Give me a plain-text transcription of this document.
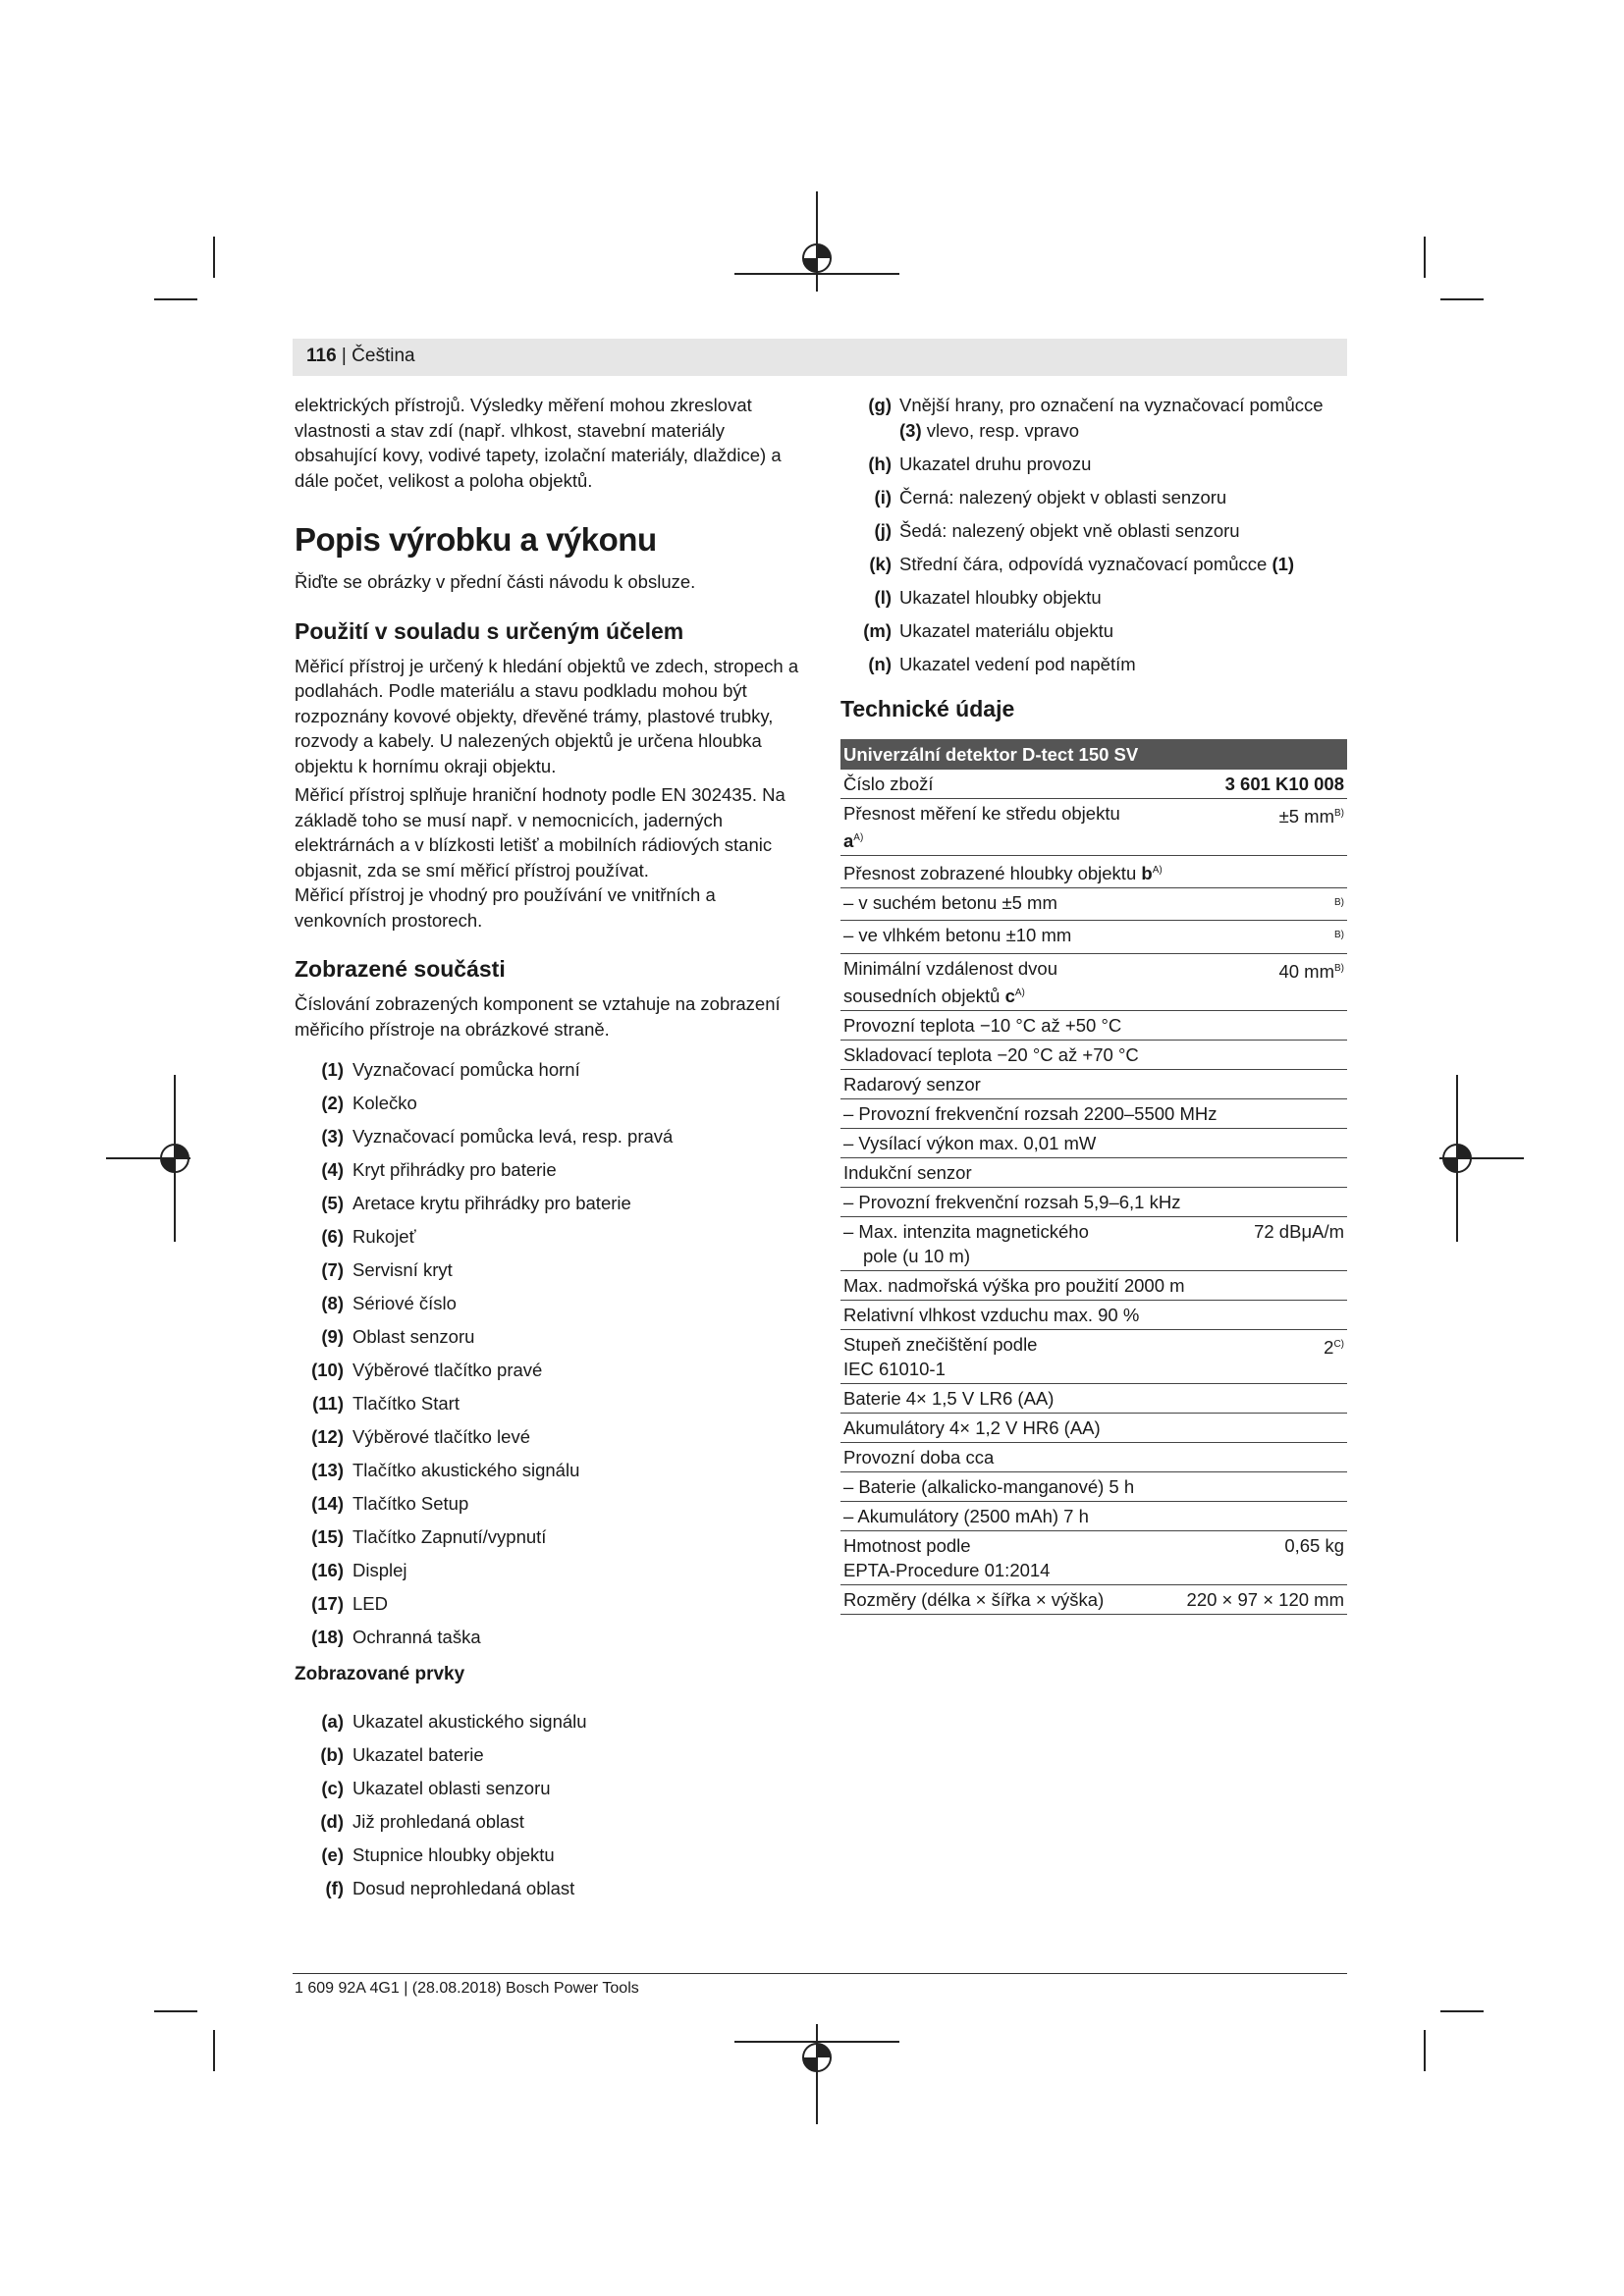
116 | Čeština

elektrických přístrojů. Výsledky měření mohou zkreslovat vlastnosti a stav zdí (např. vlhkost, stavební materiály obsahující kovy, vodivé tapety, izolační materiály, dlaždice) a dále počet, velikost a poloha objektů.

Popis výrobku a výkonu

Řiďte se obrázky v přední části návodu k obsluze.

Použití v souladu s určeným účelem

Měřicí přístroj je určený k hledání objektů ve zdech, stropech a podlahách. Podle materiálu a stavu podkladu mohou být rozpoznány kovové objekty, dřevěné trámy, plastové trubky, rozvody a kabely. U nalezených objektů je určena hloubka objektu k hornímu okraji objektu.

Měřicí přístroj splňuje hraniční hodnoty podle EN 302435. Na základě toho se musí např. v nemocnicích, jaderných elektrárnách a v blízkosti letišť a mobilních rádiových stanic objasnit, zda se smí měřicí přístroj používat.

Měřicí přístroj je vhodný pro používání ve vnitřních a venkovních prostorech.

Zobrazené součásti

Číslování zobrazených komponent se vztahuje na zobrazení měřicího přístroje na obrázkové straně.

(1) Vyznačovací pomůcka horní
(2) Kolečko
(3) Vyznačovací pomůcka levá, resp. pravá
(4) Kryt přihrádky pro baterie
(5) Aretace krytu přihrádky pro baterie
(6) Rukojeť
(7) Servisní kryt
(8) Sériové číslo
(9) Oblast senzoru
(10) Výběrové tlačítko pravé
(11) Tlačítko Start
(12) Výběrové tlačítko levé
(13) Tlačítko akustického signálu
(14) Tlačítko Setup
(15) Tlačítko Zapnutí/vypnutí
(16) Displej
(17) LED
(18) Ochranná taška
Zobrazované prvky
(a) Ukazatel akustického signálu
(b) Ukazatel baterie
(c) Ukazatel oblasti senzoru
(d) Již prohledaná oblast
(e) Stupnice hloubky objektu
(f) Dosud neprohledaná oblast
(g) Vnější hrany, pro označení na vyznačovací pomůcce (3) vlevo, resp. vpravo
(h) Ukazatel druhu provozu
(i) Černá: nalezený objekt v oblasti senzoru
(j) Šedá: nalezený objekt vně oblasti senzoru
(k) Střední čára, odpovídá vyznačovací pomůcce (1)
(l) Ukazatel hloubky objektu
(m) Ukazatel materiálu objektu
(n) Ukazatel vedení pod napětím
Technické údaje
Univerzální detektor D-tect 150 SV	
Číslo zboží	3 601 K10 008
Přesnost měření ke středu objektu $a^{A)}$	±5 $mm^{B)}$
Přesnost zobrazené hloubky objektu $b^{A)}$
– v suchém betonu ±5 mm	$^{B)}$
– ve vlhkém betonu ±10 mm	$^{B)}$
Minimální vzdálenost dvou sousedních objektů $c^{A)}$	40 $mm^{B)}$
Provozní teplota −10 °C až +50 °C	
Skladovací teplota −20 °C až +70 °C	
Radarový senzor	
– Provozní frekvenční rozsah 2200–5500 MHz	
– Vysílací výkon max. 0,01 mW	
Indukční senzor	
– Provozní frekvenční rozsah 5,9–6,1 kHz	

– Max. intenzita magnetického
pole (u 10 m)	72 dBμA/m
Max. nadmořská výška pro použití 2000 m	
Relativní vlhkost vzduchu max. 90 %	

Stupeň znečištění podle
IEC 61010-1	$2^{C)}$
Baterie 4× 1,5 V LR6 (AA)	
Akumulátory 4× 1,2 V HR6 (AA)	
Provozní doba cca	
– Baterie (alkalicko-manganové) 5 h	
– Akumulátory (2500 mAh) 7 h	

Hmotnost podle
EPTA-Procedure 01:2014	0,65 kg
Rozměry (délka × šířka × výška)	220 × 97 × 120 mm
1 609 92A 4G1 | (28.08.2018) Bosch Power Tools
